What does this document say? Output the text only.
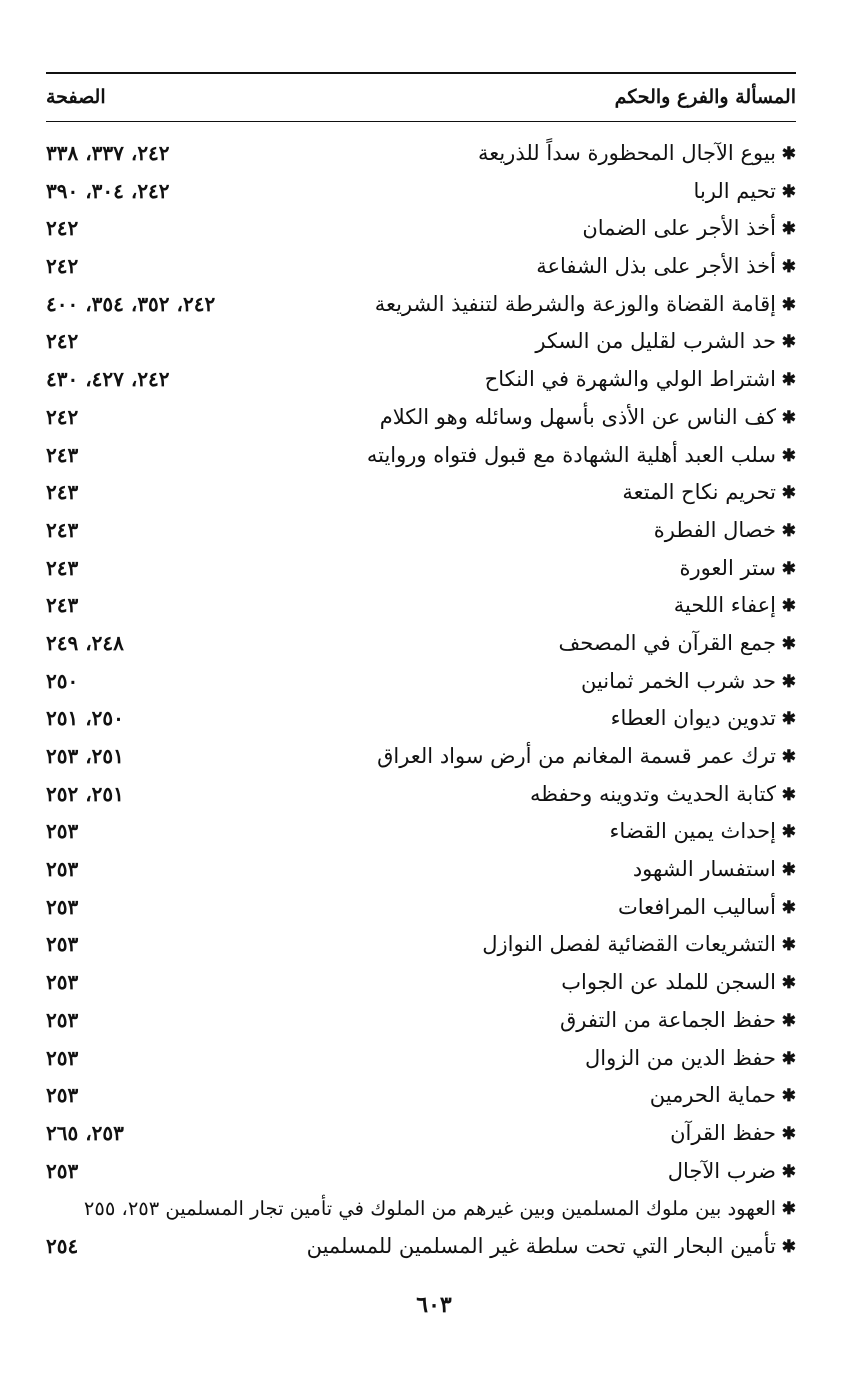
المسألة والفرع والحكم
الصفحة
✱
بيوع الآجال المحظورة سداً للذريعة
٢٤٢، ٣٣٧، ٣٣٨
✱
تحيم الربا
٢٤٢، ٣٠٤، ٣٩٠
✱
أخذ الأجر على الضمان
٢٤٢
✱
أخذ الأجر على بذل الشفاعة
٢٤٢
✱
إقامة القضاة والوزعة والشرطة لتنفيذ الشريعة
٢٤٢، ٣٥٢، ٣٥٤، ٤٠٠
✱
حد الشرب لقليل من السكر
٢٤٢
✱
اشتراط الولي والشهرة في النكاح
٢٤٢، ٤٢٧، ٤٣٠
✱
كف الناس عن الأذى بأسهل وسائله وهو الكلام
٢٤٢
✱
سلب العبد أهلية الشهادة مع قبول فتواه وروايته
٢٤٣
✱
تحريم نكاح المتعة
٢٤٣
✱
خصال الفطرة
٢٤٣
✱
ستر العورة
٢٤٣
✱
إعفاء اللحية
٢٤٣
✱
جمع القرآن في المصحف
٢٤٨، ٢٤٩
✱
حد شرب الخمر ثمانين
٢٥٠
✱
تدوين ديوان العطاء
٢٥٠، ٢٥١
✱
ترك عمر قسمة المغانم من أرض سواد العراق
٢٥١، ٢٥٣
✱
كتابة الحديث وتدوينه وحفظه
٢٥١، ٢٥٢
✱
إحداث يمين القضاء
٢٥٣
✱
استفسار الشهود
٢٥٣
✱
أساليب المرافعات
٢٥٣
✱
التشريعات القضائية لفصل النوازل
٢٥٣
✱
السجن للملد عن الجواب
٢٥٣
✱
حفظ الجماعة من التفرق
٢٥٣
✱
حفظ الدين من الزوال
٢٥٣
✱
حماية الحرمين
٢٥٣
✱
حفظ القرآن
٢٥٣، ٢٦٥
✱
ضرب الآجال
٢٥٣
✱
العهود بين ملوك المسلمين وبين غيرهم من الملوك في تأمين تجار المسلمين ٢٥٣، ٢٥٥
✱
تأمين البحار التي تحت سلطة غير المسلمين للمسلمين
٢٥٤
٦٠٣
